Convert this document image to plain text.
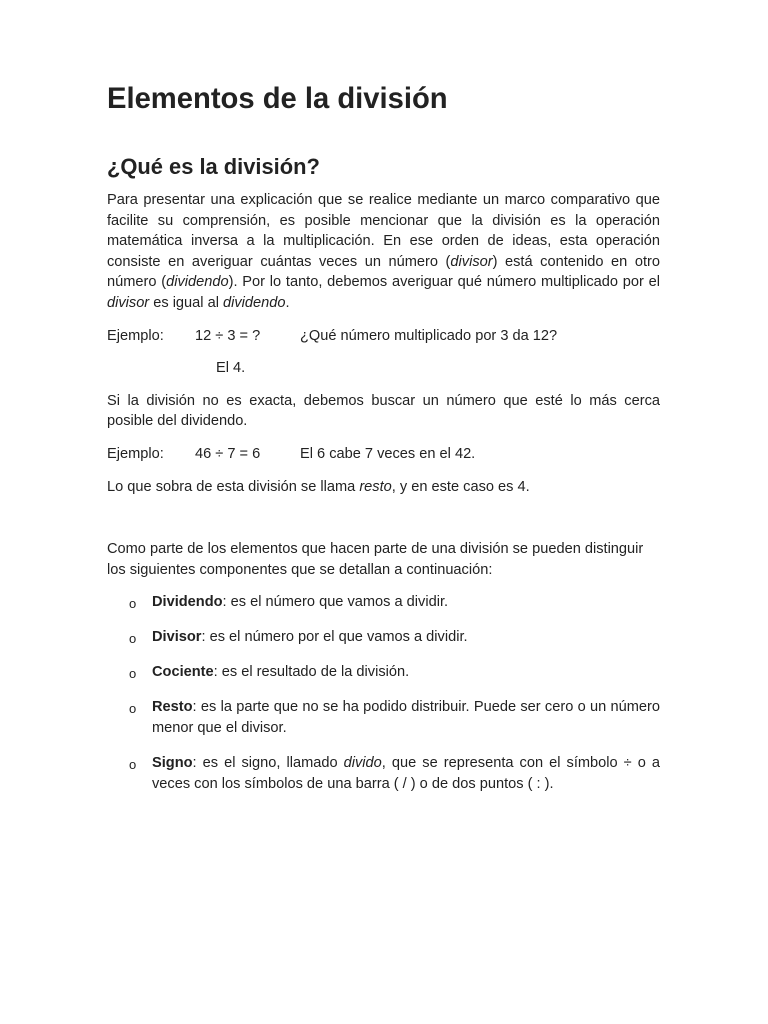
Elementos de la división
¿Qué es la división?

Para presentar una explicación que se realice mediante un marco comparativo que facilite su comprensión, es posible mencionar que la división es la operación matemática inversa a la multiplicación. En ese orden de ideas, esta operación consiste en averiguar cuántas veces un número (divisor) está contenido en otro número (dividendo). Por lo tanto, debemos averiguar qué número multiplicado por el divisor es igual al dividendo.

Ejemplo:	12 ÷ 3 = ?	¿Qué número multiplicado por 3 da 12?
El 4.

Si la división no es exacta, debemos buscar un número que esté lo más cerca posible del dividendo.

Ejemplo:	46 ÷ 7 = 6	El 6 cabe 7 veces en el 42.

Lo que sobra de esta división se llama resto, y en este caso es 4.

Como parte de los elementos que hacen parte de una división se pueden distinguir los siguientes componentes que se detallan a continuación:

o Dividendo: es el número que vamos a dividir.
o Divisor: es el número por el que vamos a dividir.
o Cociente: es el resultado de la división.
o Resto: es la parte que no se ha podido distribuir. Puede ser cero o un número menor que el divisor.
o Signo: es el signo, llamado divido, que se representa con el símbolo ÷ o a veces con los símbolos de una barra ( / ) o de dos puntos ( : ).
